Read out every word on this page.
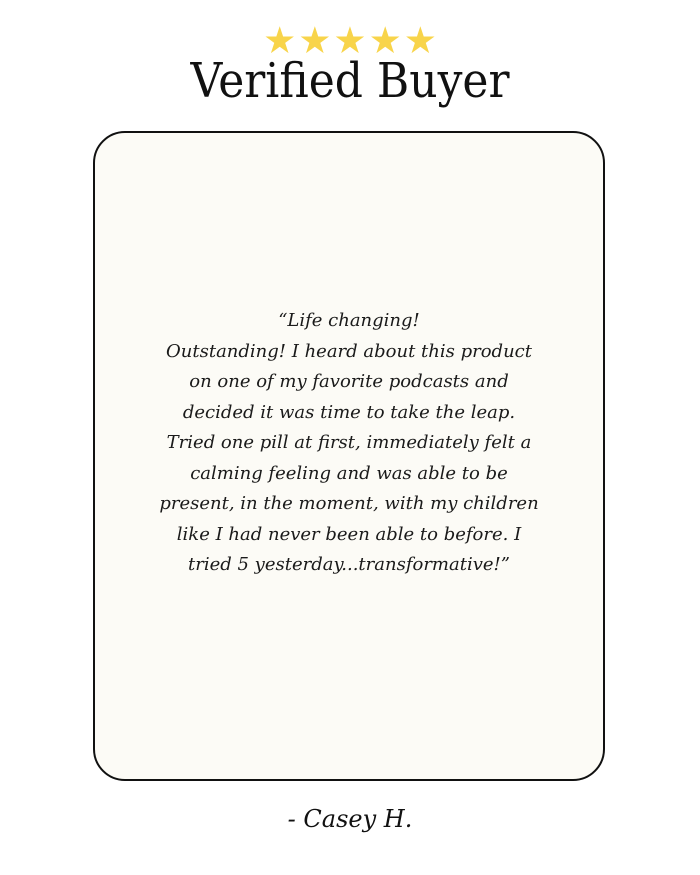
★★★★★
Verified Buyer
“Life changing!
Outstanding! I heard about this product
on one of my favorite podcasts and
decided it was time to take the leap.
Tried one pill at first, immediately felt a
calming feeling and was able to be
present, in the moment, with my children
like I had never been able to before. I
tried 5 yesterday...transformative!”
- Casey H.
